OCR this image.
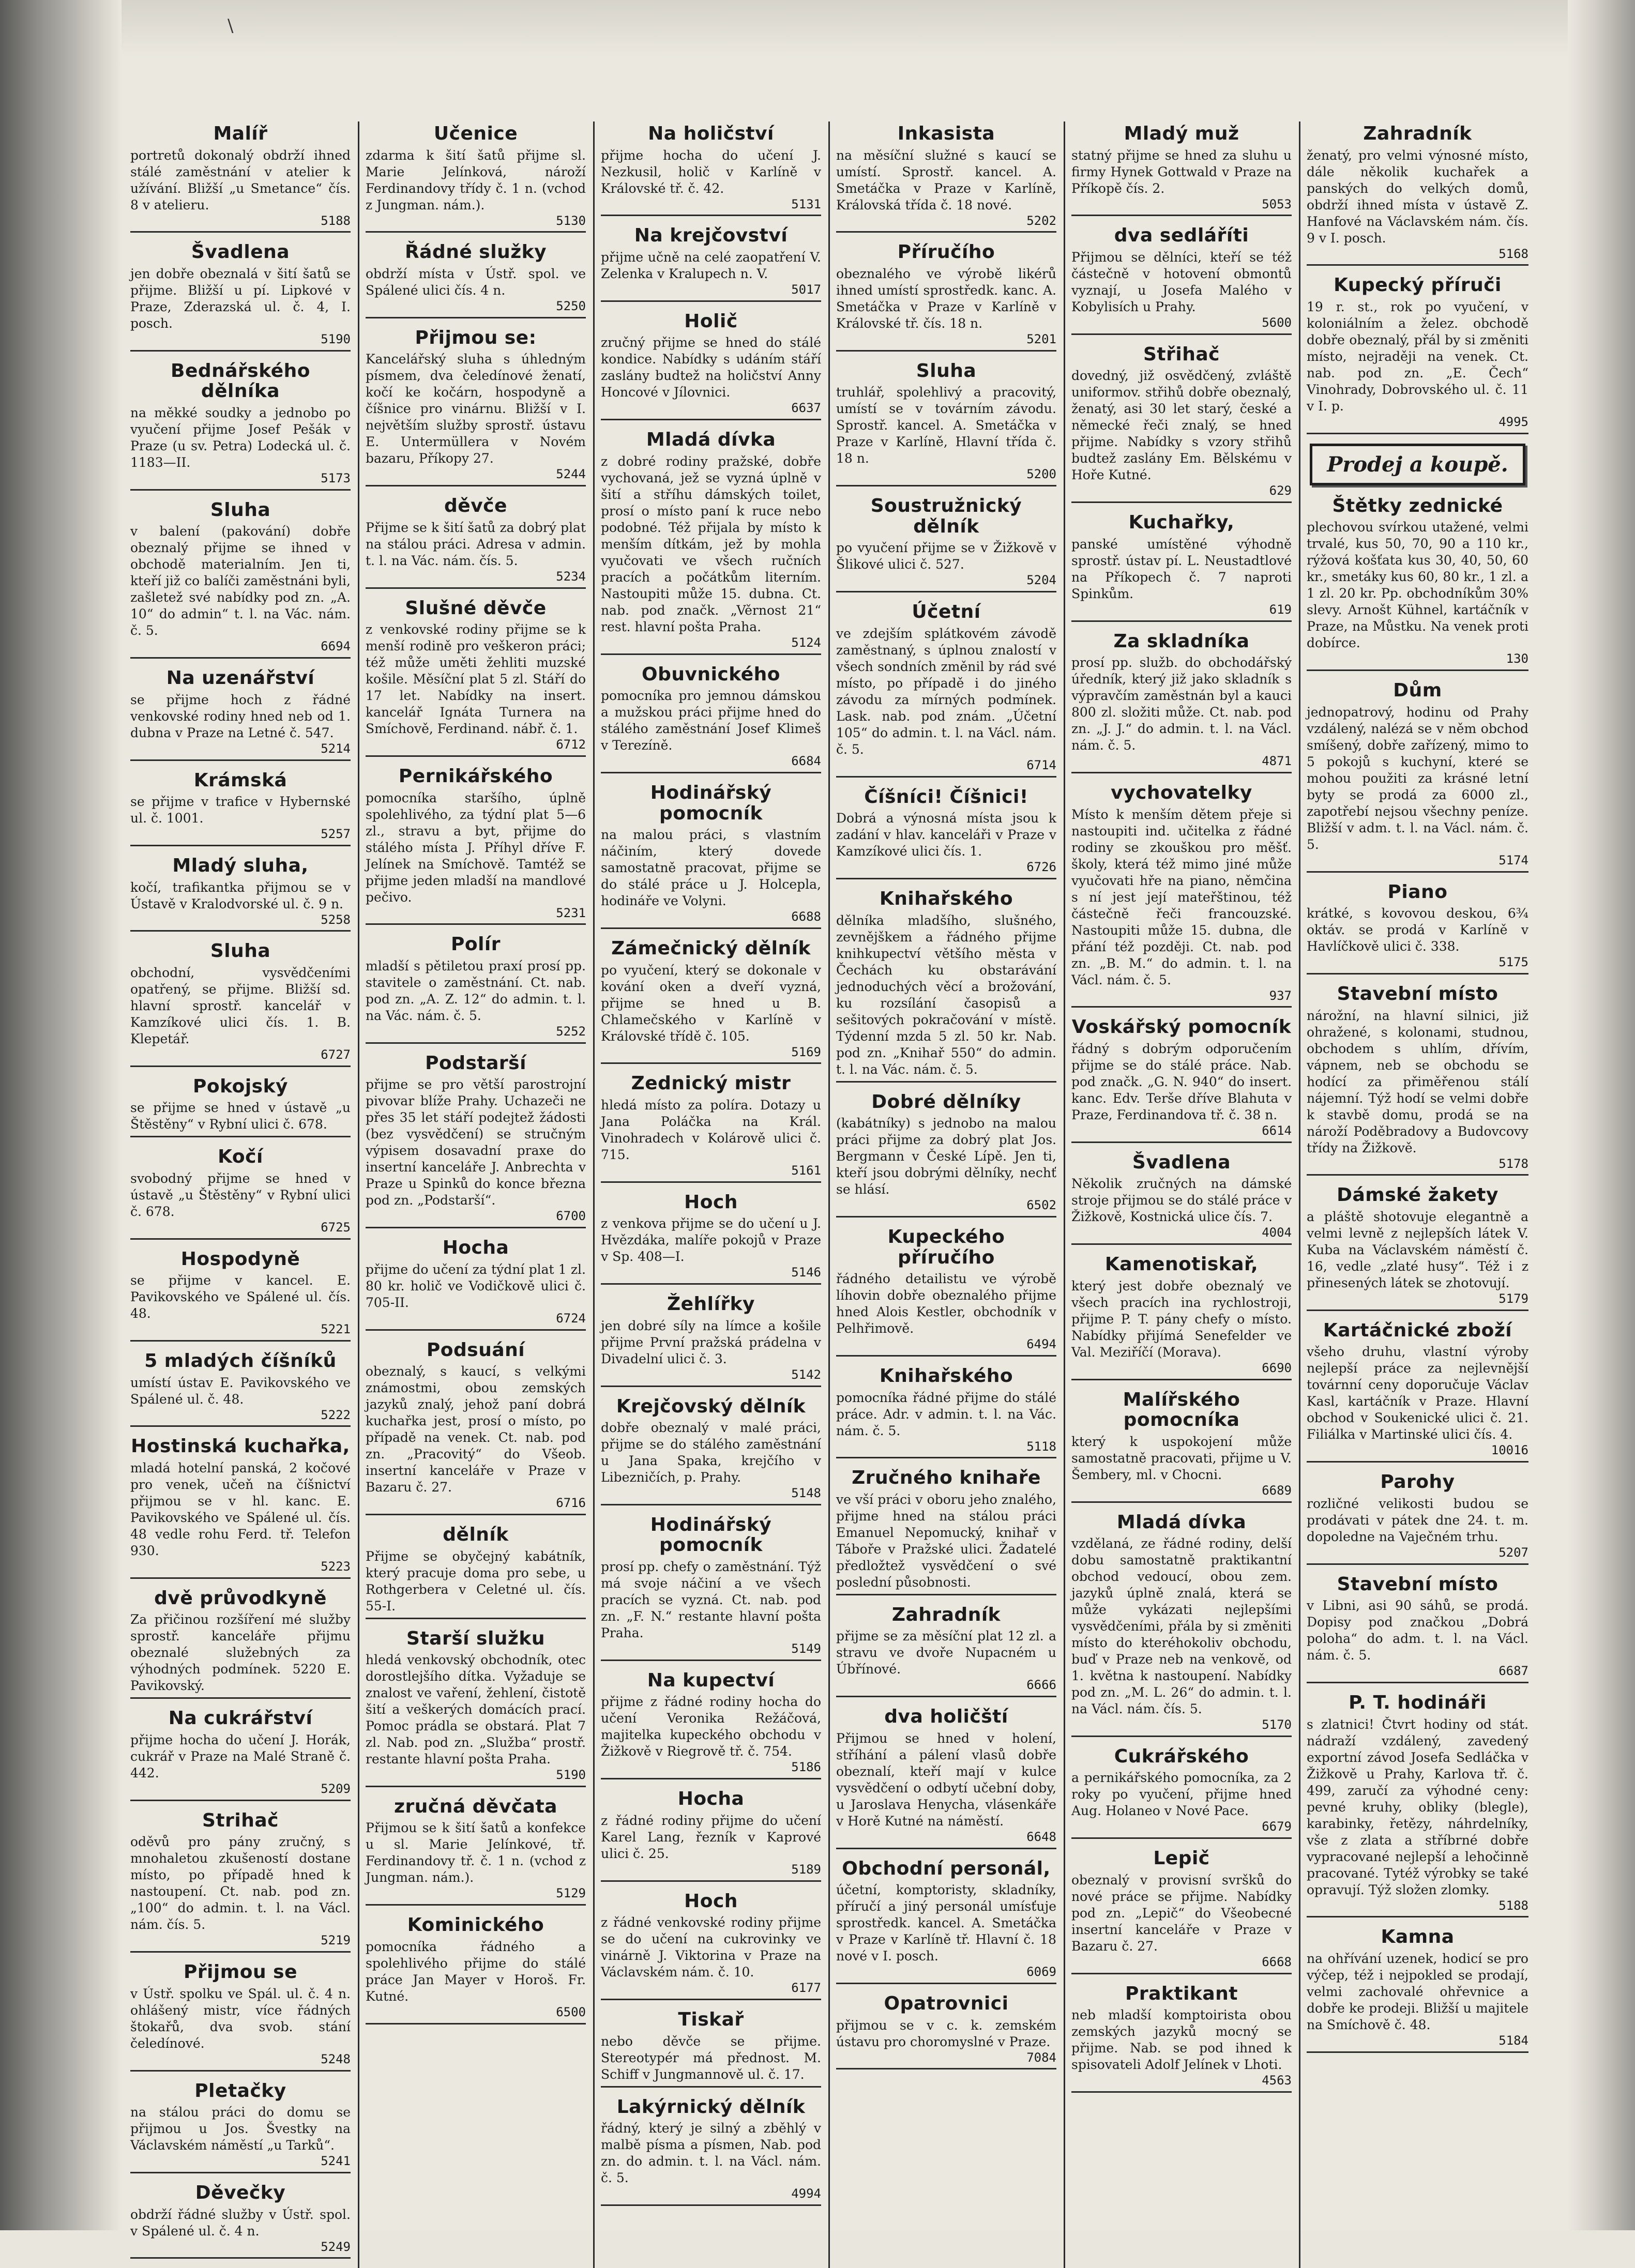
\
Malíř

portretů dokonalý obdrží ihned stálé zaměstnání v atelier k užívání. Bližší „u Smetance“ čís. 8 v atelieru.

5188
Švadlena

jen dobře obeznalá v šití šatů se přijme. Bližší u pí. Lipkové v Praze, Zderazská ul. č. 4, I. posch.

5190
Bednářského dělníka

na měkké soudky a jednobo po vyučení přijme Josef Pešák v Praze (u sv. Petra) Lodecká ul. č. 1183—II.

5173
Sluha

v balení (pakování) dobře obeznalý přijme se ihned v obchodě materialním. Jen ti, kteří již co balíči zaměstnáni byli, zašletež své nabídky pod zn. „A. 10“ do admin“ t. l. na Vác. nám. č. 5.

6694
Na uzenářství

se přijme hoch z řádné venkovské rodiny hned neb od 1. dubna v Praze na Letné č. 547.

5214
Krámská

se přijme v trafice v Hybernské ul. č. 1001.

5257
Mladý sluha,

kočí, trafikantka přijmou se v Ústavě v Kralodvorské ul. č. 9 n.

5258
Sluha

obchodní, vysvědčeními opatřený, se přijme. Bližší sd. hlavní sprostř. kancelář v Kamzíkové ulici čís. 1. B. Klepetář.

6727
Pokojský

se přijme se hned v ústavě „u Štěstěny“ v Rybní ulici č. 678.

Kočí

svobodný přijme se hned v ústavě „u Štěstěny“ v Rybní ulici č. 678.

6725
Hospodyně

se přijme v kancel. E. Pavikovského ve Spálené ul. čís. 48.

5221
5 mladých číšníků

umístí ústav E. Pavikovského ve Spálené ul. č. 48.

5222
Hostinská kuchařka,

mladá hotelní panská, 2 kočové pro venek, učeň na číšnictví přijmou se v hl. kanc. E. Pavikovského ve Spálené ul. čís. 48 vedle rohu Ferd. tř. Telefon 930.

5223
dvě průvodkyně

Za přičinou rozšíření mé služby sprostř. kanceláře přijmu obeznalé služebných za výhodných podmínek. 5220 E. Pavikovský.

Na cukrářství

přijme hocha do učení J. Horák, cukrář v Praze na Malé Straně č. 442.

5209
Strihač

oděvů pro pány zručný, s mnohaletou zkušeností dostane místo, po případě hned k nastoupení. Ct. nab. pod zn. „100“ do admin. t. l. na Václ. nám. čís. 5.

5219
Přijmou se

v Ústř. spolku ve Spál. ul. č. 4 n. ohlášený mistr, více řádných štokařů, dva svob. stání čeledínové.

5248
Pletačky

na stálou práci do domu se přijmou u Jos. Švestky na Václavském náměstí „u Tarků“.

5241
Děvečky

obdrží řádné služby v Ústř. spol. v Spálené ul. č. 4 n.

5249
Učenice

zdarma k šití šatů přijme sl. Marie Jelínková, nároží Ferdinandovy třídy č. 1 n. (vchod z Jungman. nám.).

5130
Řádné služky

obdrží místa v Ústř. spol. ve Spálené ulici čís. 4 n.

5250
Přijmou se:

Kancelářský sluha s úhledným písmem, dva čeledínové ženatí, kočí ke kočárn, hospodyně a číšnice pro vinárnu. Bližší v I. největším služby sprostř. ústavu E. Untermüllera v Novém bazaru, Příkopy 27.

5244
děvče

Přijme se k šití šatů za dobrý plat na stálou práci. Adresa v admin. t. l. na Vác. nám. čís. 5.

5234
Slušné děvče

z venkovské rodiny přijme se k menší rodině pro veškeron práci; též může uměti žehliti muzské košile. Měsíční plat 5 zl. Stáří do 17 let. Nabídky na insert. kancelář Ignáta Turnera na Smíchově, Ferdinand. nábř. č. 1.

6712
Pernikářského

pomocníka staršího, úplně spolehlivého, za týdní plat 5—6 zl., stravu a byt, přijme do stálého místa J. Příhyl dříve F. Jelínek na Smíchově. Tamtéž se přijme jeden mladší na mandlové pečivo.

5231
Polír

mladší s pětiletou praxí prosí pp. stavitele o zaměstnání. Ct. nab. pod zn. „A. Z. 12“ do admin. t. l. na Vác. nám. č. 5.

5252
Podstarší

přijme se pro větší parostrojní pivovar blíže Prahy. Uchazeči ne přes 35 let stáří podejtež žádosti (bez vysvědčení) se stručným výpisem dosavadní praxe do insertní kanceláře J. Anbrechta v Praze u Spinků do konce března pod zn. „Podstarší“.

6700
Hocha

přijme do učení za týdní plat 1 zl. 80 kr. holič ve Vodičkově ulici č. 705-II.

6724
Podsuání

obeznalý, s kaucí, s velkými známostmi, obou zemských jazyků znalý, jehož paní dobrá kuchařka jest, prosí o místo, po případě na venek. Ct. nab. pod zn. „Pracovitý“ do Všeob. insertní kanceláře v Praze v Bazaru č. 27.

6716
dělník

Přijme se obyčejný kabátník, který pracuje doma pro sebe, u Rothgerbera v Celetné ul. čís. 55-I.

Starší služku

hledá venkovský obchodník, otec dorostlejšího dítka. Vyžaduje se znalost ve vaření, žehlení, čistotě šití a veškerých domácích prací. Pomoc prádla se obstará. Plat 7 zl. Nab. pod zn. „Služba“ prostř. restante hlavní pošta Praha.

5190
zručná děvčata

Přijmou se k šití šatů a konfekce u sl. Marie Jelínkové, tř. Ferdinandovy tř. č. 1 n. (vchod z Jungman. nám.).

5129
Kominického

pomocníka řádného a spolehlivého přijme do stálé práce Jan Mayer v Horoš. Fr. Kutné.

6500
Na holičství

přijme hocha do učení J. Nezkusil, holič v Karlíně v Královské tř. č. 42.

5131
Na krejčovství

přijme učně na celé zaopatření V. Zelenka v Kralupech n. V.

5017
Holič

zručný přijme se hned do stálé kondice. Nabídky s udáním stáří zaslány budtež na holičství Anny Honcové v Jílovnici.

6637
Mladá dívka

z dobré rodiny pražské, dobře vychovaná, jež se vyzná úplně v šití a stříhu dámských toilet, prosí o místo paní k ruce nebo podobné. Též přijala by místo k menším dítkám, jež by mohla vyučovati ve všech ručních pracích a počátkům literním. Nastoupiti může 15. dubna. Ct. nab. pod značk. „Věrnost 21“ rest. hlavní pošta Praha.

5124
Obuvnického

pomocníka pro jemnou dámskou a mužskou práci přijme hned do stálého zaměstnání Josef Klimeš v Terezíně.

6684
Hodinářský pomocník

na malou práci, s vlastním náčiním, který dovede samostatně pracovat, přijme se do stálé práce u J. Holcepla, hodináře ve Volyni.

6688
Zámečnický dělník

po vyučení, který se dokonale v kování oken a dveří vyzná, přijme se hned u B. Chlamečského v Karlíně v Královské třídě č. 105.

5169
Zednický mistr

hledá místo za políra. Dotazy u Jana Poláčka na Král. Vinohradech v Kolárově ulici č. 715.

5161
Hoch

z venkova přijme se do učení u J. Hvězdáka, malíře pokojů v Praze v Sp. 408—I.

5146
Žehlířky

jen dobré síly na límce a košile přijme První pražská prádelna v Divadelní ulici č. 3.

5142
Krejčovský dělník

dobře obeznalý v malé práci, přijme se do stálého zaměstnání u Jana Spaka, krejčího v Libezničích, p. Prahy.

5148
Hodinářský pomocník

prosí pp. chefy o zaměstnání. Týž má svoje náčiní a ve všech pracích se vyzná. Ct. nab. pod zn. „F. N.“ restante hlavní pošta Praha.

5149
Na kupectví

přijme z řádné rodiny hocha do učení Veronika Režáčová, majitelka kupeckého obchodu v Žižkově v Riegrově tř. č. 754.

5186
Hocha

z řádné rodiny přijme do učení Karel Lang, řezník v Kaprové ulici č. 25.

5189
Hoch

z řádné venkovské rodiny přijme se do učení na cukrovinky ve vinárně J. Viktorina v Praze na Václavském nám. č. 10.

6177
Tiskař

nebo děvče se přijme. Stereotypér má přednost. M. Schiff v Jungmannově ul. č. 17.

Lakýrnický dělník

řádný, který je silný a zběhlý v malbě písma a písmen, Nab. pod zn. do admin. t. l. na Václ. nám. č. 5.

4994
Inkasista

na měsíční služné s kaucí se umístí. Sprostř. kancel. A. Smetáčka v Praze v Karlíně, Královská třída č. 18 nové.

5202
Příručího

obeznalého ve výrobě likérů ihned umístí sprostředk. kanc. A. Smetáčka v Praze v Karlíně v Královské tř. čís. 18 n.

5201
Sluha

truhlář, spolehlivý a pracovitý, umístí se v továrním závodu. Sprostř. kancel. A. Smetáčka v Praze v Karlíně, Hlavní třída č. 18 n.

5200
Soustružnický dělník

po vyučení přijme se v Žižkově v Šlikové ulici č. 527.

5204
Účetní

ve zdejším splátkovém závodě zaměstnaný, s úplnou znalostí v všech sondních změnil by rád své místo, po případě i do jiného závodu za mírných podmínek. Lask. nab. pod znám. „Účetní 105“ do admin. t. l. na Václ. nám. č. 5.

6714
Číšníci! Číšnici!

Dobrá a výnosná místa jsou k zadání v hlav. kanceláři v Praze v Kamzíkové ulici čís. 1.

6726
Knihařského

dělníka mladšího, slušného, zevnějškem a řádného přijme knihkupectví většího města v Čechách ku obstarávání jednoduchých věcí a brožování, ku rozsílání časopisů a sešitových pokračování v místě. Týdenní mzda 5 zl. 50 kr. Nab. pod zn. „Knihař 550“ do admin. t. l. na Vác. nám. č. 5.

Dobré dělníky

(kabátníky) s jednobo na malou práci přijme za dobrý plat Jos. Bergmann v České Lípě. Jen ti, kteří jsou dobrými dělníky, nechť se hlásí.

6502
Kupeckého příručího

řádného detailistu ve výrobě líhovin dobře obeznalého přijme hned Alois Kestler, obchodník v Pelhřimově.

6494
Knihařského

pomocníka řádné přijme do stálé práce. Adr. v admin. t. l. na Vác. nám. č. 5.

5118
Zručného knihaře

ve vší práci v oboru jeho znalého, přijme hned na stálou práci Emanuel Nepomucký, knihař v Táboře v Pražské ulici. Žadatelé předložtež vysvědčení o své poslední působnosti.

Zahradník

přijme se za měsíční plat 12 zl. a stravu ve dvoře Nupacném u Úbřínové.

6666
dva holičští

Přijmou se hned v holení, stříhání a pálení vlasů dobře obeznalí, kteří mají v kulce vysvědčení o odbytí učební doby, u Jaroslava Henycha, vlásenkáře v Horě Kutné na náměstí.

6648
Obchodní personál,

účetní, komptoristy, skladníky, příručí a jiný personál umísťuje sprostředk. kancel. A. Smetáčka v Praze v Karlíně tř. Hlavní č. 18 nové v I. posch.

6069
Opatrovnici

přijmou se v c. k. zemském ústavu pro choromyslné v Praze.

7084
Mladý muž

statný přijme se hned za sluhu u firmy Hynek Gottwald v Praze na Příkopě čís. 2.

5053
dva sedláříti

Přijmou se dělníci, kteří se též částečně v hotovení obmontů vyznají, u Josefa Malého v Kobylisích u Prahy.

5600
Střihač

dovedný, již osvědčený, zvláště uniformov. střihů dobře obeznalý, ženatý, asi 30 let starý, české a německé řeči znalý, se hned přijme. Nabídky s vzory střihů budtež zaslány Em. Bělskému v Hoře Kutné.

629
Kuchařky,

panské umístěné výhodně sprostř. ústav pí. L. Neustadtlové na Příkopech č. 7 naproti Spinkům.

619
Za skladníka

prosí pp. služb. do obchodářský úředník, který již jako skladník s výpravčím zaměstnán byl a kauci 800 zl. složiti může. Ct. nab. pod zn. „J. J.“ do admin. t. l. na Václ. nám. č. 5.

4871
vychovatelky

Místo k menším dětem přeje si nastoupiti ind. učitelka z řádné rodiny se zkouškou pro měšť. školy, která též mimo jiné může vyučovati hře na piano, němčina s ní jest její mateřštinou, též částečně řeči francouzské. Nastoupiti může 15. dubna, dle přání též později. Ct. nab. pod zn. „B. M.“ do admin. t. l. na Václ. nám. č. 5.

937
Voskářský pomocník

řádný s dobrým odporučením přijme se do stálé práce. Nab. pod značk. „G. N. 940“ do insert. kanc. Edv. Terše dříve Blahuta v Praze, Ferdinandova tř. č. 38 n.

6614
Švadlena

Několik zručných na dámské stroje přijmou se do stálé práce v Žižkově, Kostnická ulice čís. 7.

4004
Kamenotiskař,

který jest dobře obeznalý ve všech pracích ina rychlostroji, přijme P. T. pány chefy o místo. Nabídky přijímá Senefelder ve Val. Meziříčí (Morava).

6690
Malířského pomocníka

který k uspokojení může samostatně pracovati, přijme u V. Šembery, ml. v Chocni.

6689
Mladá dívka

vzdělaná, ze řádné rodiny, delší dobu samostatně praktikantní obchod vedoucí, obou zem. jazyků úplně znalá, která se může vykázati nejlepšími vysvědčeními, přála by si změniti místo do kteréhokoliv obchodu, buď v Praze neb na venkově, od 1. května k nastoupení. Nabídky pod zn. „M. L. 26“ do admin. t. l. na Václ. nám. čís. 5.

5170
Cukrářského

a pernikářského pomocníka, za 2 roky po vyučení, přijme hned Aug. Holaneo v Nové Pace.

6679
Lepič

obeznalý v provisní svršků do nové práce se přijme. Nabídky pod zn. „Lepič“ do Všeobecné insertní kanceláře v Praze v Bazaru č. 27.

6668
Praktikant

neb mladší komptoirista obou zemských jazyků mocný se přijme. Nab. se pod ihned k spisovateli Adolf Jelínek v Lhoti.

4563
Zahradník

ženatý, pro velmi výnosné místo, dále několik kuchařek a panských do velkých domů, obdrží ihned místa v ústavě Z. Hanfové na Václavském nám. čís. 9 v I. posch.

5168
Kupecký příruči

19 r. st., rok po vyučení, v koloniálním a želez. obchodě dobře obeznalý, přál by si změniti místo, nejraději na venek. Ct. nab. pod zn. „E. Čech“ Vinohrady, Dobrovského ul. č. 11 v I. p.

4995
Prodej a koupě.
Štětky zednické

plechovou svírkou utažené, velmi trvalé, kus 50, 70, 90 a 110 kr., rýžová košťata kus 30, 40, 50, 60 kr., smetáky kus 60, 80 kr., 1 zl. a 1 zl. 20 kr. Pp. obchodníkům 30% slevy. Arnošt Kühnel, kartáčník v Praze, na Můstku. Na venek proti dobírce.

130
Dům

jednopatrový, hodinu od Prahy vzdálený, nalézá se v něm obchod smíšený, dobře zařízený, mimo to 5 pokojů s kuchyní, které se mohou použiti za krásné letní byty se prodá za 6000 zl., zapotřebí nejsou všechny peníze. Bližší v adm. t. l. na Václ. nám. č. 5.

5174
Piano

krátké, s kovovou deskou, 6¾ oktáv. se prodá v Karlíně v Havlíčkově ulici č. 338.

5175
Stavební místo

nárožní, na hlavní silnici, již ohražené, s kolonami, studnou, obchodem s uhlím, dřívím, vápnem, neb se obchodu se hodící za přiměřenou stálí nájemní. Týž hodí se velmi dobře k stavbě domu, prodá se na nároží Poděbradovy a Budovcovy třídy na Žižkově.

5178
Dámské žakety

a pláště shotovuje elegantně a velmi levně z nejlepších látek V. Kuba na Václavském náměstí č. 16, vedle „zlaté husy“. Též i z přinesených látek se zhotovují.

5179
Kartáčnické zboží

všeho druhu, vlastní výroby nejlepší práce za nejlevnější továrnní ceny doporučuje Václav Kasl, kartáčník v Praze. Hlavní obchod v Soukenické ulici č. 21. Filiálka v Martinské ulici čís. 4.

10016
Parohy

rozličné velikosti budou se prodávati v pátek dne 24. t. m. dopoledne na Vaječném trhu.

5207
Stavební místo

v Libni, asi 90 sáhů, se prodá. Dopisy pod značkou „Dobrá poloha“ do adm. t. l. na Václ. nám. č. 5.

6687
P. T. hodináři

s zlatnici! Čtvrt hodiny od stát. nádraží vzdálený, zavedený exportní závod Josefa Sedláčka v Žižkově u Prahy, Karlova tř. č. 499, zaručí za výhodné ceny: pevné kruhy, obliky (blegle), karabinky, řetězy, náhrdelníky, vše z zlata a stříbrné dobře vypracované nejlepší a lehočinně pracované. Tytéž výrobky se také opravují. Týž složen zlomky.

5188
Kamna

na ohřívání uzenek, hodicí se pro výčep, též i nejpokled se prodají, velmi zachovalé ohřevnice a dobře ke prodeji. Bližší u majitele na Smíchově č. 48.

5184
